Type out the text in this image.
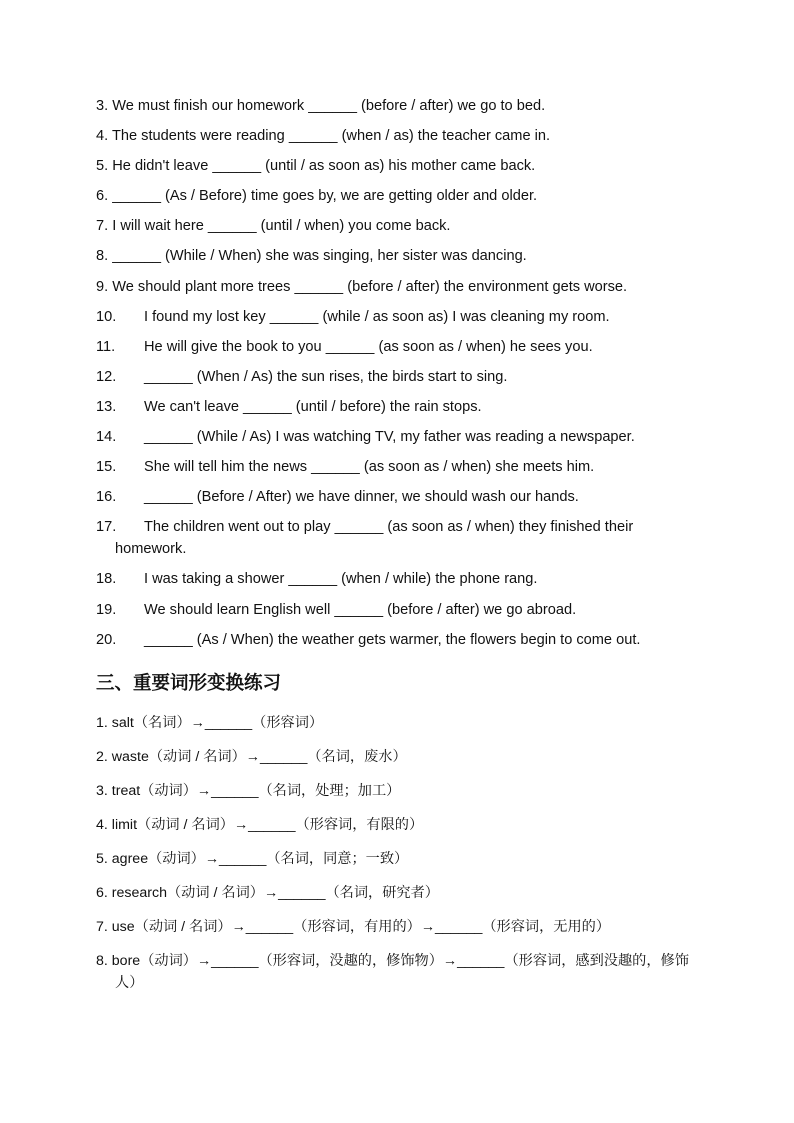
3. We must finish our homework ______ (before / after) we go to bed.
4. The students were reading ______ (when / as) the teacher came in.
5. He didn't leave ______ (until / as soon as) his mother came back.
6. ______ (As / Before) time goes by, we are getting older and older.
7. I will wait here ______ (until / when) you come back.
8. ______ (While / When) she was singing, her sister was dancing.
9. We should plant more trees ______ (before / after) the environment gets worse.
10. I found my lost key ______ (while / as soon as) I was cleaning my room.
11. He will give the book to you ______ (as soon as / when) he sees you.
12. ______ (When / As) the sun rises, the birds start to sing.
13. We can't leave ______ (until / before) the rain stops.
14. ______ (While / As) I was watching TV, my father was reading a newspaper.
15. She will tell him the news ______ (as soon as / when) she meets him.
16. ______ (Before / After) we have dinner, we should wash our hands.
17. The children went out to play ______ (as soon as / when) they finished their homework.
18. I was taking a shower ______ (when / while) the phone rang.
19. We should learn English well ______ (before / after) we go abroad.
20. ______ (As / When) the weather gets warmer, the flowers begin to come out.
三、重要词形变换练习
1. salt（名词）→______（形容词）
2. waste（动词 / 名词）→______（名词，废水）
3. treat（动词）→______（名词，处理；加工）
4. limit（动词 / 名词）→______（形容词，有限的）
5. agree（动词）→______（名词，同意；一致）
6. research（动词 / 名词）→______（名词，研究者）
7. use（动词 / 名词）→______（形容词，有用的）→______（形容词，无用的）
8. bore（动词）→______（形容词，没趣的，修饰物）→______（形容词，感到没趣的，修饰人）
